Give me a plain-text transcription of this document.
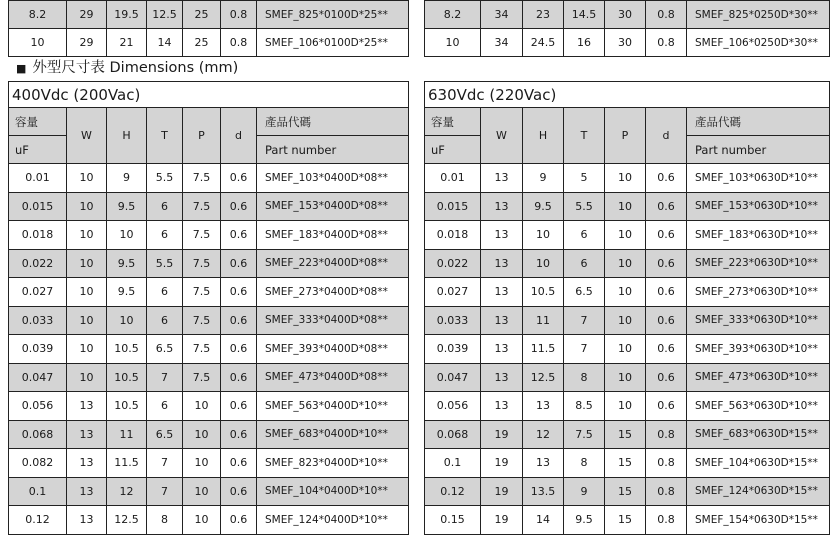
8.2	29	19.5	12.5	25	0.8	SMEF_825*0100D*25**
10	29	21	14	25	0.8	SMEF_106*0100D*25**
8.2	34	23	14.5	30	0.8	SMEF_825*0250D*30**
10	34	24.5	16	30	0.8	SMEF_106*0250D*30**
■ 外型尺寸表 Dimensions (mm)
400Vdc (200Vac)						
容量	W	H	T	P	d	產品代碼
uF						Part number
0.01	10	9	5.5	7.5	0.6	SMEF_103*0400D*08**
0.015	10	9.5	6	7.5	0.6	SMEF_153*0400D*08**
0.018	10	10	6	7.5	0.6	SMEF_183*0400D*08**
0.022	10	9.5	5.5	7.5	0.6	SMEF_223*0400D*08**
0.027	10	9.5	6	7.5	0.6	SMEF_273*0400D*08**
0.033	10	10	6	7.5	0.6	SMEF_333*0400D*08**
0.039	10	10.5	6.5	7.5	0.6	SMEF_393*0400D*08**
0.047	10	10.5	7	7.5	0.6	SMEF_473*0400D*08**
0.056	13	10.5	6	10	0.6	SMEF_563*0400D*10**
0.068	13	11	6.5	10	0.6	SMEF_683*0400D*10**
0.082	13	11.5	7	10	0.6	SMEF_823*0400D*10**
0.1	13	12	7	10	0.6	SMEF_104*0400D*10**
0.12	13	12.5	8	10	0.6	SMEF_124*0400D*10**
630Vdc (220Vac)						
容量	W	H	T	P	d	產品代碼
uF						Part number
0.01	13	9	5	10	0.6	SMEF_103*0630D*10**
0.015	13	9.5	5.5	10	0.6	SMEF_153*0630D*10**
0.018	13	10	6	10	0.6	SMEF_183*0630D*10**
0.022	13	10	6	10	0.6	SMEF_223*0630D*10**
0.027	13	10.5	6.5	10	0.6	SMEF_273*0630D*10**
0.033	13	11	7	10	0.6	SMEF_333*0630D*10**
0.039	13	11.5	7	10	0.6	SMEF_393*0630D*10**
0.047	13	12.5	8	10	0.6	SMEF_473*0630D*10**
0.056	13	13	8.5	10	0.6	SMEF_563*0630D*10**
0.068	19	12	7.5	15	0.8	SMEF_683*0630D*15**
0.1	19	13	8	15	0.8	SMEF_104*0630D*15**
0.12	19	13.5	9	15	0.8	SMEF_124*0630D*15**
0.15	19	14	9.5	15	0.8	SMEF_154*0630D*15**
